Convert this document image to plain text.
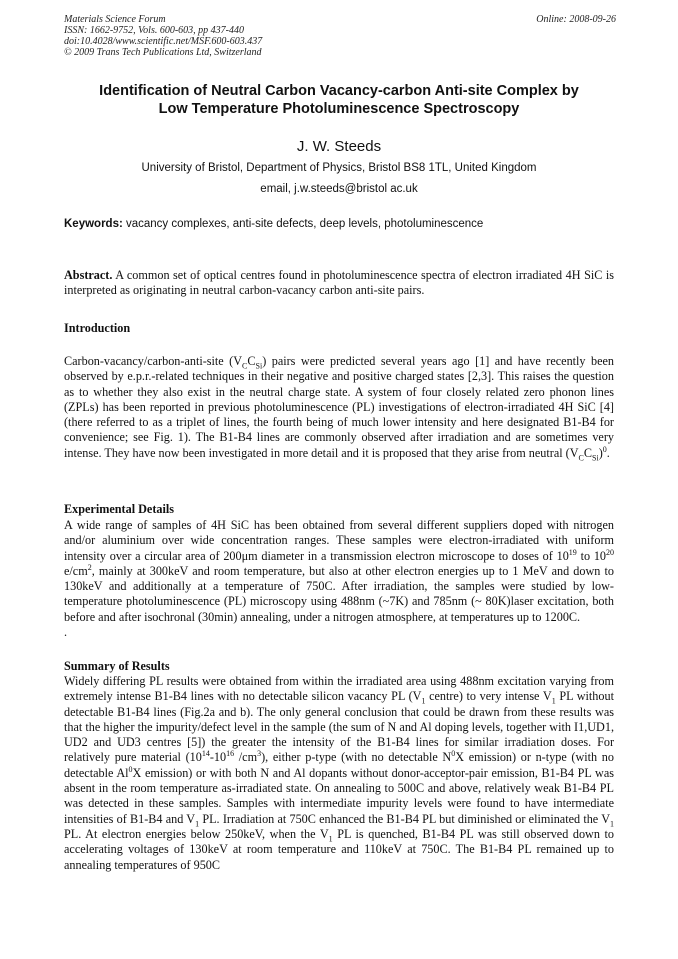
Materials Science Forum
ISSN: 1662-9752, Vols. 600-603, pp 437-440
doi:10.4028/www.scientific.net/MSF.600-603.437
© 2009 Trans Tech Publications Ltd, Switzerland
Online: 2008-09-26
Identification of Neutral Carbon Vacancy-carbon Anti-site Complex by
Low Temperature Photoluminescence Spectroscopy
J. W. Steeds
University of Bristol, Department of Physics, Bristol BS8 1TL, United Kingdom
email, j.w.steeds@bristol ac.uk
Keywords: vacancy complexes, anti-site defects, deep levels, photoluminescence
Abstract. A common set of optical centres found in photoluminescence spectra of electron irradiated 4H SiC is interpreted as originating in neutral carbon-vacancy carbon anti-site pairs.
Introduction
Carbon-vacancy/carbon-anti-site $(V_CC_{Si})$ pairs were predicted several years ago [1] and have recently been observed by e.p.r.-related techniques in their negative and positive charged states [2,3]. This raises the question as to whether they also exist in the neutral charge state. A system of four closely related zero phonon lines (ZPLs) has been reported in previous photoluminescence (PL) investigations of electron-irradiated 4H SiC [4] (there referred to as a triplet of lines, the fourth being of much lower intensity and here designated B1-B4 for convenience; see Fig. 1). The B1-B4 lines are commonly observed after irradiation and are sometimes very intense. They have now been investigated in more detail and it is proposed that they arise from neutral $(V_CC_{Si})^0$.
Experimental Details
A wide range of samples of 4H SiC has been obtained from several different suppliers doped with nitrogen and/or aluminium over wide concentration ranges. These samples were electron-irradiated with uniform intensity over a circular area of 200μm diameter in a transmission electron microscope to doses of $10^{19}$ to $10^{20}$ $e/cm^2$, mainly at 300keV and room temperature, but also at other electron energies up to 1 MeV and down to 130keV and additionally at a temperature of 750C. After irradiation, the samples were studied by low-temperature photoluminescence (PL) microscopy using 488nm (~7K) and 785nm (~ 80K)laser excitation, both before and after isochronal (30min) annealing, under a nitrogen atmosphere, at temperatures up to 1200C.
.
Summary of Results
Widely differing PL results were obtained from within the irradiated area using 488nm excitation varying from extremely intense B1-B4 lines with no detectable silicon vacancy PL ($V_1$ centre) to very intense $V_1$ PL without detectable B1-B4 lines (Fig.2a and b). The only general conclusion that could be drawn from these results was that the higher the impurity/defect level in the sample (the sum of N and Al doping levels, together with I1,UD1, UD2 and UD3 centres [5]) the greater the intensity of the B1-B4 lines for similar irradiation doses. For relatively pure material ($10^{14}-10^{16}$ $/cm^3$), either p-type (with no detectable $N^0X$ emission) or n-type (with no detectable Al$^0$X emission) or with both N and Al dopants without donor-acceptor-pair emission, B1-B4 PL was absent in the room temperature as-irradiated state. On annealing to 500C and above, relatively weak B1-B4 PL was detected in these samples. Samples with intermediate impurity levels were found to have intermediate intensities of B1-B4 and $V_1$ PL. Irradiation at 750C enhanced the B1-B4 PL but diminished or eliminated the $V_1$ PL. At electron energies below 250keV, when the $V_1$ PL is quenched, B1-B4 PL was still observed down to accelerating voltages of 130keV at room temperature and 110keV at 750C. The B1-B4 PL remained up to annealing temperatures of 950C
